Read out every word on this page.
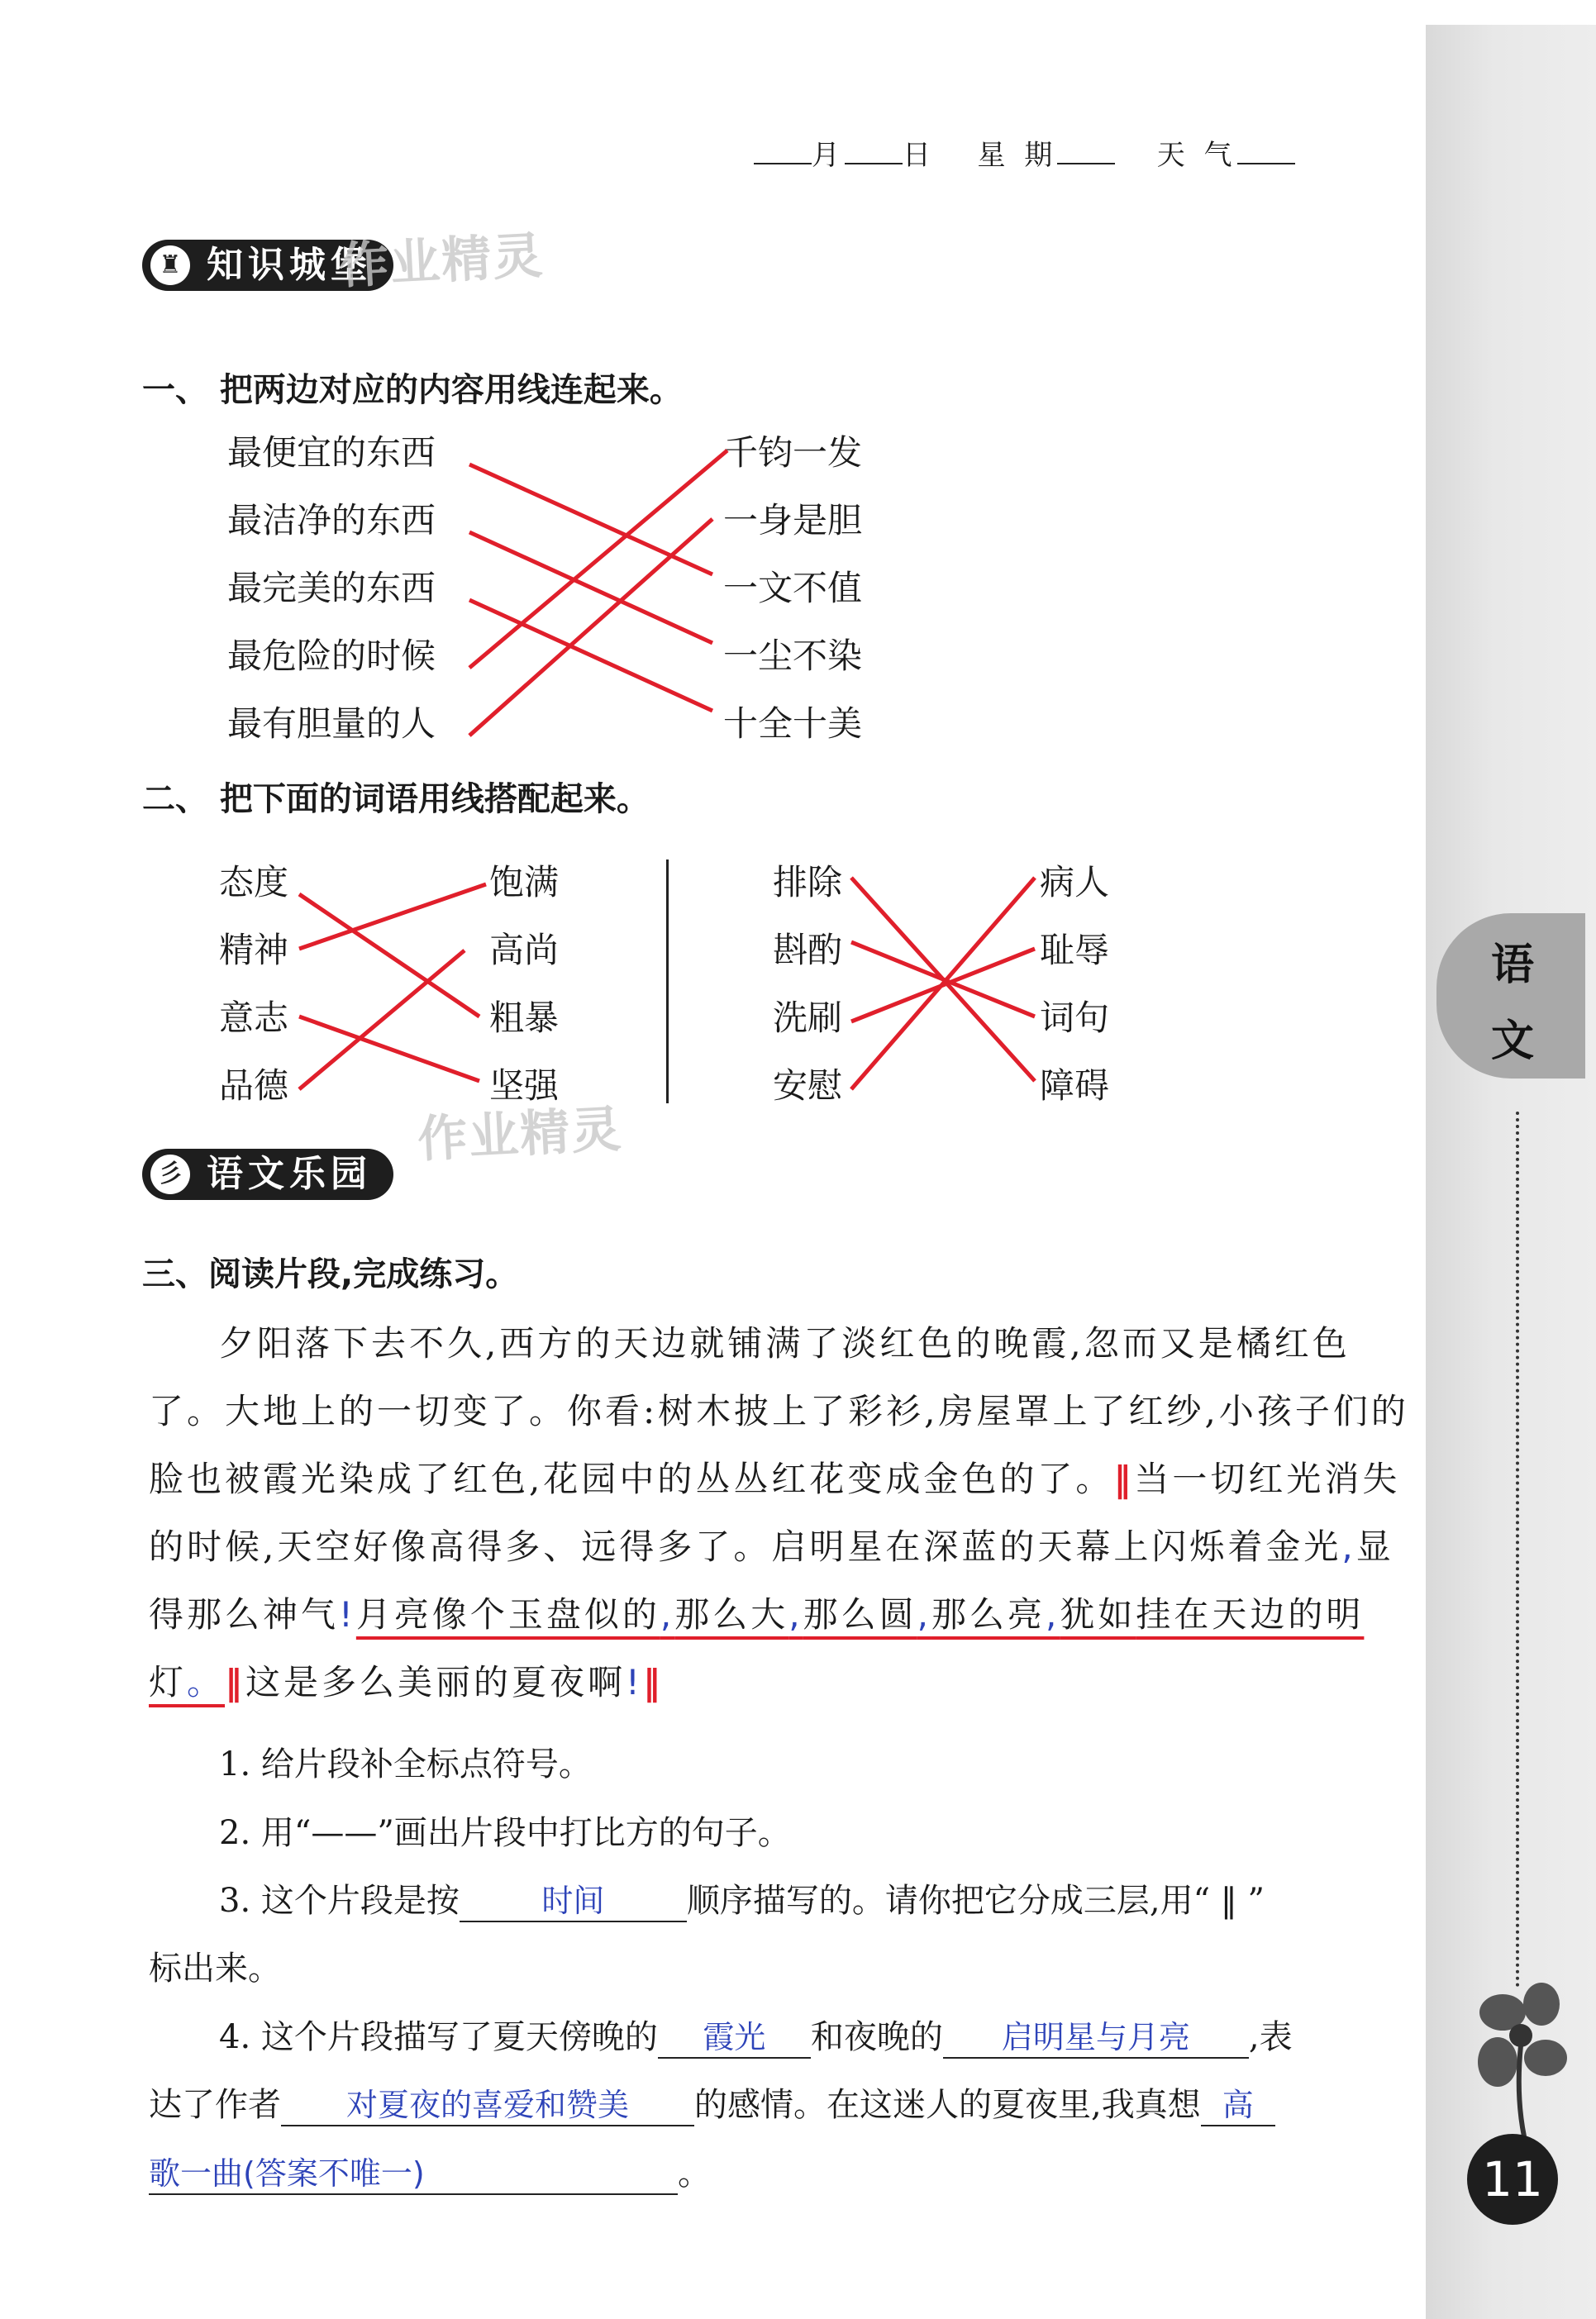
月 日 星 期	天 气
♜ 知识城堡
作业精灵
一、 把两边对应的内容用线连起来。
最便宜的东西
最洁净的东西
最完美的东西
最危险的时候
最有胆量的人
千钧一发
一身是胆
一文不值
一尘不染
十全十美
二、 把下面的词语用线搭配起来。
态度
精神
意志
品德
饱满
高尚
粗暴
坚强
排除
斟酌
洗刷
安慰
病人
耻辱
词句
障碍
彡 语文乐园
作业精灵
三、阅读片段,完成练习。
夕阳落下去不久,西方的天边就铺满了淡红色的晚霞,忽而又是橘红色了。大地上的一切变了。你看:树木披上了彩衫,房屋罩上了红纱,小孩子们的脸也被霞光染成了红色,花园中的丛丛红花变成金色的了。‖当一切红光消失的时候,天空好像高得多、远得多了。启明星在深蓝的天幕上闪烁着金光,显得那么神气!月亮像个玉盘似的,那么大,那么圆,那么亮,犹如挂在天边的明灯。‖这是多么美丽的夏夜啊!‖
1. 给片段补全标点符号。
2. 用“——”画出片段中打比方的句子。
3. 这个片段是按	时间 顺序描写的。请你把它分成三层,用“ ‖ ”
标出来。
4. 这个片段描写了夏天傍晚的 霞光 和夜晚的 启明星与月亮 ,表
达了作者 对夏夜的喜爱和赞美 的感情。在这迷人的夏夜里,我真想 高
歌一曲(答案不唯一)	。
语
文
11
